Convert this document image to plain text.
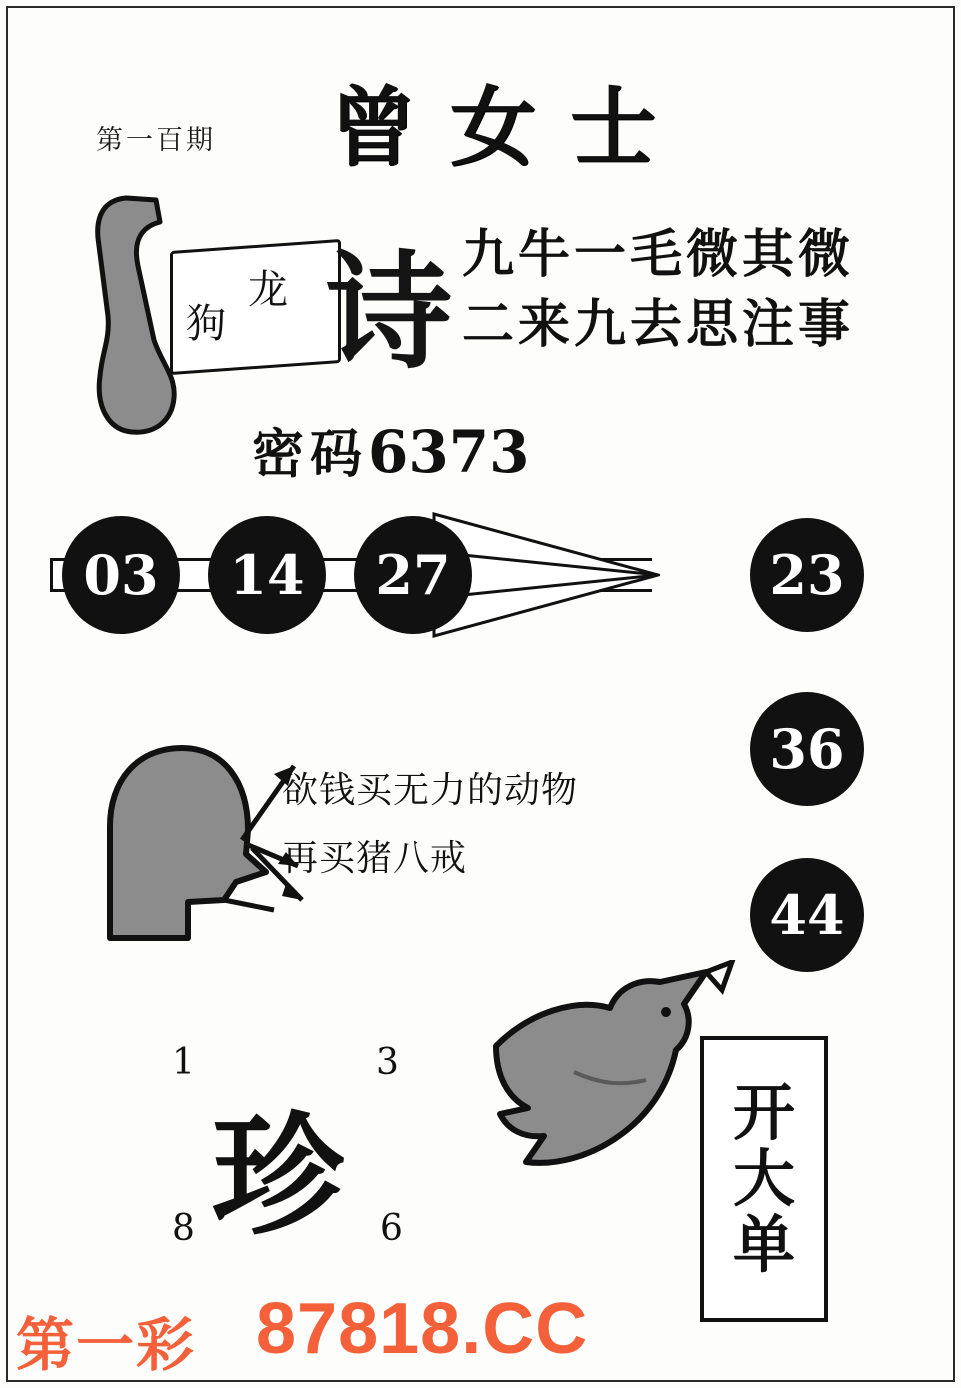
第一百期 曾女士
龙
狗 诗 九牛一毛微其微
二来九去思注事
密码6373
03	14	27	23
36
44
欲钱买无力的动物
再买猪八戒
1	3
8	6
珍	开
大
单
第一彩 87818.CC
